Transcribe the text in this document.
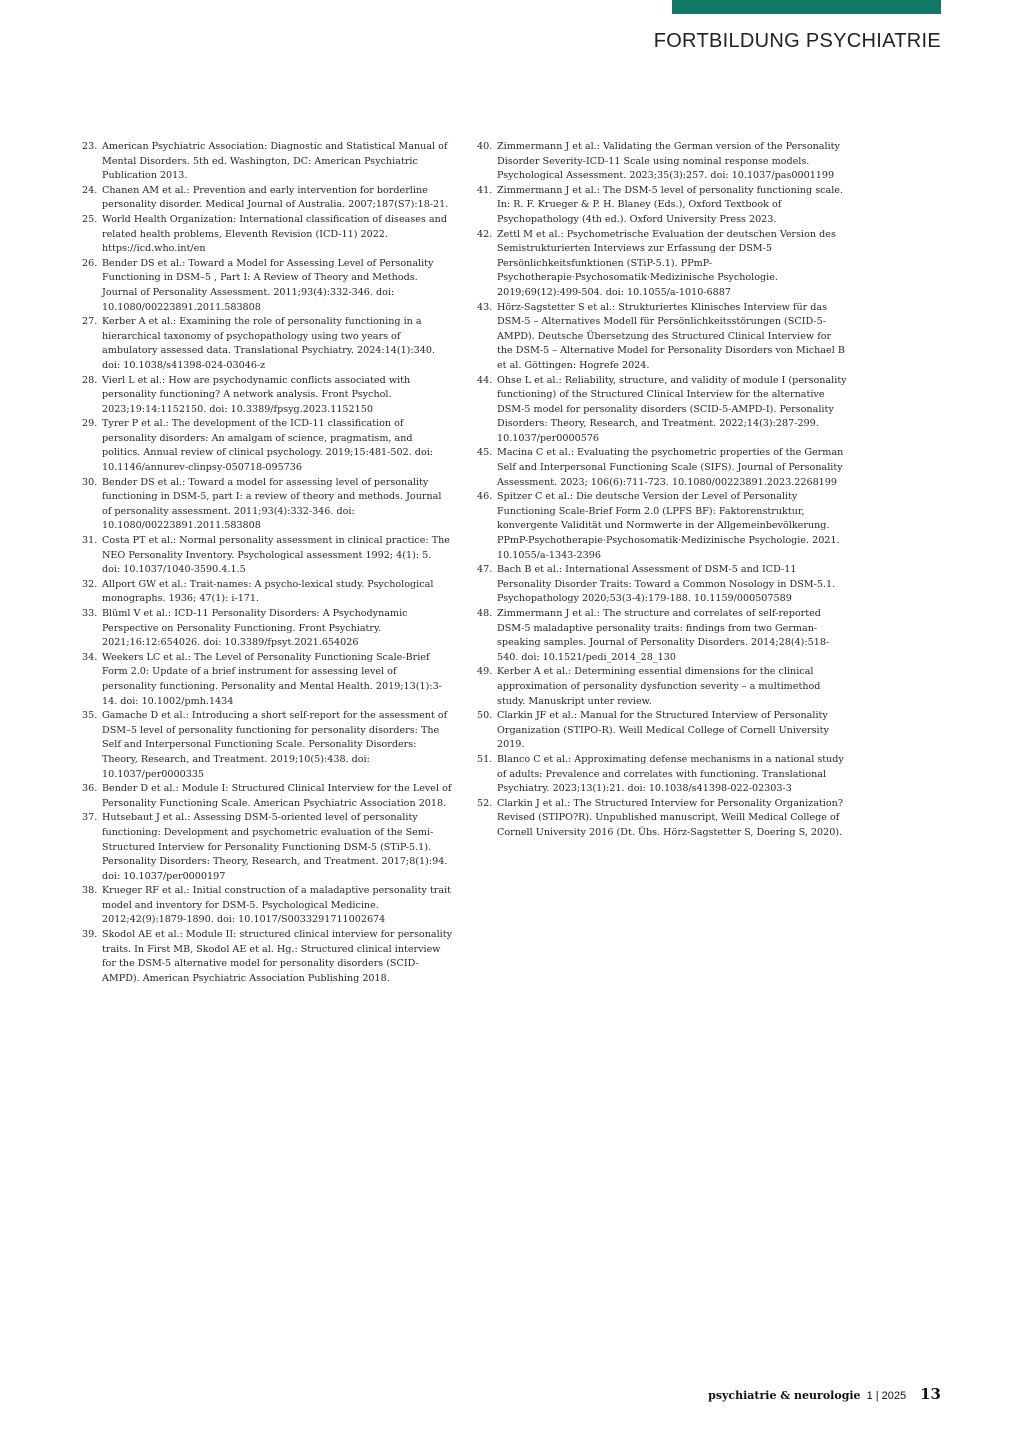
FORTBILDUNG PSYCHIATRIE
23. American Psychiatric Association: Diagnostic and Statistical Manual of Mental Disorders. 5th ed. Washington, DC: American Psychiatric Publication 2013.
24. Chanen AM et al.: Prevention and early intervention for borderline personality disorder. Medical Journal of Australia. 2007;187(S7):18-21.
25. World Health Organization: International classification of diseases and related health problems, Eleventh Revision (ICD-11) 2022. https://icd.who.int/en
26. Bender DS et al.: Toward a Model for Assessing Level of Personality Functioning in DSM–5 , Part I: A Review of Theory and Methods. Journal of Personality Assessment. 2011;93(4):332-346. doi: 10.1080/00223891.2011.583808
27. Kerber A et al.: Examining the role of personality functioning in a hierarchical taxonomy of psychopathology using two years of ambulatory assessed data. Translational Psychiatry. 2024:14(1):340. doi: 10.1038/s41398-024-03046-z
28. Vierl L et al.: How are psychodynamic conflicts associated with personality functioning? A network analysis. Front Psychol. 2023;19:14:1152150. doi: 10.3389/fpsyg.2023.1152150
29. Tyrer P et al.: The development of the ICD-11 classification of personality disorders: An amalgam of science, pragmatism, and politics. Annual review of clinical psychology. 2019;15:481-502. doi: 10.1146/annurev-clinpsy-050718-095736
30. Bender DS et al.: Toward a model for assessing level of personality functioning in DSM-5, part I: a review of theory and methods. Journal of personality assessment. 2011;93(4):332-346. doi: 10.1080/00223891.2011.583808
31. Costa PT et al.: Normal personality assessment in clinical practice: The NEO Personality Inventory. Psychological assessment 1992; 4(1): 5. doi: 10.1037/1040-3590.4.1.5
32. Allport GW et al.: Trait-names: A psycho-lexical study. Psychological monographs. 1936; 47(1): i-171.
33. Blüml V et al.: ICD-11 Personality Disorders: A Psychodynamic Perspective on Personality Functioning. Front Psychiatry. 2021;16:12:654026. doi: 10.3389/fpsyt.2021.654026
34. Weekers LC et al.: The Level of Personality Functioning Scale-Brief Form 2.0: Update of a brief instrument for assessing level of personality functioning. Personality and Mental Health. 2019;13(1):3-14. doi: 10.1002/pmh.1434
35. Gamache D et al.: Introducing a short self-report for the assessment of DSM–5 level of personality functioning for personality disorders: The Self and Interpersonal Functioning Scale. Personality Disorders: Theory, Research, and Treatment. 2019;10(5):438. doi: 10.1037/per0000335
36. Bender D et al.: Module I: Structured Clinical Interview for the Level of Personality Functioning Scale. American Psychiatric Association 2018.
37. Hutsebaut J et al.: Assessing DSM-5-oriented level of personality functioning: Development and psychometric evaluation of the Semi-Structured Interview for Personality Functioning DSM-5 (STiP-5.1). Personality Disorders: Theory, Research, and Treatment. 2017;8(1):94. doi: 10.1037/per0000197
38. Krueger RF et al.: Initial construction of a maladaptive personality trait model and inventory for DSM-5. Psychological Medicine. 2012;42(9):1879-1890. doi: 10.1017/S0033291711002674
39. Skodol AE et al.: Module II: structured clinical interview for personality traits. In First MB, Skodol AE et al. Hg.: Structured clinical interview for the DSM-5 alternative model for personality disorders (SCID-AMPD). American Psychiatric Association Publishing 2018.
40. Zimmermann J et al.: Validating the German version of the Personality Disorder Severity-ICD-11 Scale using nominal response models. Psychological Assessment. 2023;35(3):257. doi: 10.1037/pas0001199
41. Zimmermann J et al.: The DSM-5 level of personality functioning scale. In: R. F. Krueger & P. H. Blaney (Eds.), Oxford Textbook of Psychopathology (4th ed.). Oxford University Press 2023.
42. Zettl M et al.: Psychometrische Evaluation der deutschen Version des Semistrukturierten Interviews zur Erfassung der DSM-5 Persönlichkeitsfunktionen (STiP-5.1). PPmP-Psychotherapie·Psychosomatik·Medizinische Psychologie. 2019;69(12):499-504. doi: 10.1055/a-1010-6887
43. Hörz-Sagstetter S et al.: Strukturiertes Klinisches Interview für das DSM-5 – Alternatives Modell für Persönlichkeitsstörungen (SCID-5-AMPD). Deutsche Übersetzung des Structured Clinical Interview for the DSM-5 – Alternative Model for Personality Disorders von Michael B et al. Göttingen: Hogrefe 2024.
44. Ohse L et al.: Reliability, structure, and validity of module I (personality functioning) of the Structured Clinical Interview for the alternative DSM-5 model for personality disorders (SCID-5-AMPD-I). Personality Disorders: Theory, Research, and Treatment. 2022;14(3):287-299. 10.1037/per0000576
45. Macina C et al.: Evaluating the psychometric properties of the German Self and Interpersonal Functioning Scale (SIFS). Journal of Personality Assessment. 2023; 106(6):711-723. 10.1080/00223891.2023.2268199
46. Spitzer C et al.: Die deutsche Version der Level of Personality Functioning Scale-Brief Form 2.0 (LPFS BF): Faktorenstruktur, konvergente Validität und Normwerte in der Allgemeinbevölkerung. PPmP-Psychotherapie·Psychosomatik·Medizinische Psychologie. 2021. 10.1055/a-1343-2396
47. Bach B et al.: International Assessment of DSM-5 and ICD-11 Personality Disorder Traits: Toward a Common Nosology in DSM-5.1. Psychopathology 2020;53(3-4):179-188. 10.1159/000507589
48. Zimmermann J et al.: The structure and correlates of self-reported DSM-5 maladaptive personality traits: findings from two German-speaking samples. Journal of Personality Disorders. 2014;28(4):518-540. doi: 10.1521/pedi_2014_28_130
49. Kerber A et al.: Determining essential dimensions for the clinical approximation of personality dysfunction severity – a multimethod study. Manuskript unter review.
50. Clarkin JF et al.: Manual for the Structured Interview of Personality Organization (STIPO-R). Weill Medical College of Cornell University 2019.
51. Blanco C et al.: Approximating defense mechanisms in a national study of adults: Prevalence and correlates with functioning. Translational Psychiatry. 2023;13(1):21. doi: 10.1038/s41398-022-02303-3
52. Clarkin J et al.: The Structured Interview for Personality Organization?Revised (STIPO?R). Unpublished manuscript, Weill Medical College of Cornell University 2016 (Dt. Übs. Hörz-Sagstetter S, Doering S, 2020).
psychiatrie & neurologie 1 | 2025 13
